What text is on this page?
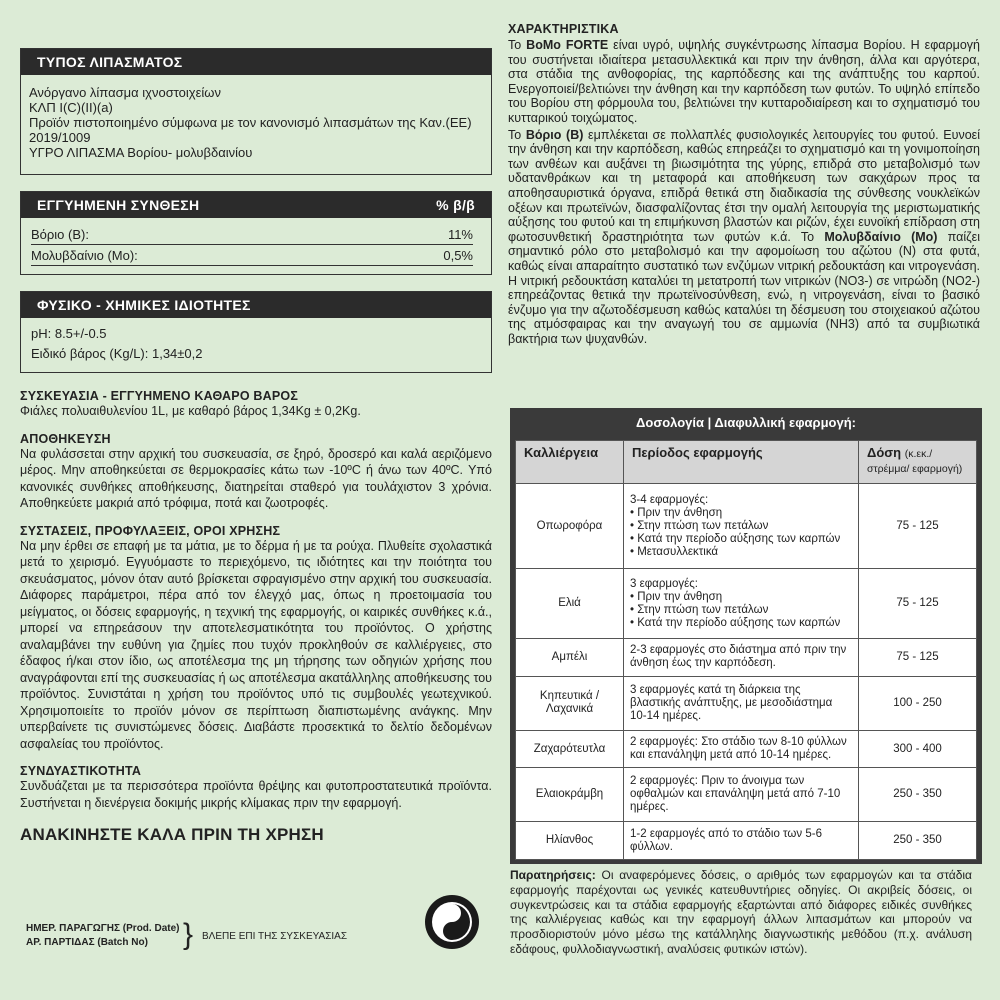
ΤΥΠΟΣ ΛΙΠΑΣΜΑΤΟΣ
Ανόργανο λίπασμα ιχνοστοιχείων
ΚΛΠ Ι(C)(II)(a)
Προϊόν πιστοποιημένο σύμφωνα με τον κανονισμό λιπασμάτων της Καν.(ΕΕ) 2019/1009
ΥΓΡΟ ΛΙΠΑΣΜΑ Βορίου- μολυβδαινίου
ΕΓΓΥΗΜΕΝΗ ΣΥΝΘΕΣΗ	% β/β
Βόριο (Β):	11%
Μολυβδαίνιο (Mo):	0,5%
ΦΥΣΙΚΟ - ΧΗΜΙΚΕΣ ΙΔΙΟΤΗΤΕΣ
pH: 8.5+/-0.5
Ειδικό βάρος (Kg/L): 1,34±0,2
ΣΥΣΚΕΥΑΣΙΑ - ΕΓΓΥΗΜΕΝΟ ΚΑΘΑΡΟ ΒΑΡΟΣ

Φιάλες πολυαιθυλενίου 1L, με καθαρό βάρος 1,34Kg ± 0,2Kg.

ΑΠΟΘΗΚΕΥΣΗ

Να φυλάσσεται στην αρχική του συσκευασία, σε ξηρό, δροσερό και καλά αεριζόμενο μέρος. Μην αποθηκεύεται σε θερμοκρασίες κάτω των -10ºC ή άνω των 40ºC. Υπό κανονικές συνθήκες αποθήκευσης, διατηρείται σταθερό για τουλάχιστον 3 χρόνια. Αποθηκεύετε μακριά από τρόφιμα, ποτά και ζωοτροφές.

ΣΥΣΤΑΣΕΙΣ, ΠΡΟΦΥΛΑΞΕΙΣ, ΟΡΟΙ ΧΡΗΣΗΣ

Να μην έρθει σε επαφή με τα μάτια, με το δέρμα ή με τα ρούχα. Πλυθείτε σχολαστικά μετά το χειρισμό. Εγγυόμαστε το περιεχόμενο, τις ιδιότητες και την ποιότητα του σκευάσματος, μόνον όταν αυτό βρίσκεται σφραγισμένο στην αρχική του συσκευασία. Διάφορες παράμετροι, πέρα από τον έλεγχό μας, όπως η προετοιμασία του μείγματος, οι δόσεις εφαρμογής, η τεχνική της εφαρμογής, οι καιρικές συνθήκες κ.ά., μπορεί να επηρεάσουν την αποτελεσματικότητα του προϊόντος. Ο χρήστης αναλαμβάνει την ευθύνη για ζημίες που τυχόν προκληθούν σε καλλιέργειες, στο έδαφος ή/και στον ίδιο, ως αποτέλεσμα της μη τήρησης των οδηγιών χρήσης που αναγράφονται επί της συσκευασίας ή ως αποτέλεσμα ακατάλληλης αποθήκευσης του προϊόντος. Συνιστάται η χρήση του προϊόντος υπό τις συμβουλές γεωτεχνικού. Χρησιμοποιείτε το προϊόν μόνον σε περίπτωση διαπιστωμένης ανάγκης. Μην υπερβαίνετε τις συνιστώμενες δόσεις. Διαβάστε προσεκτικά το δελτίο δεδομένων ασφαλείας του προϊόντος.

ΣΥΝΔΥΑΣΤΙΚΟΤΗΤΑ

Συνδυάζεται με τα περισσότερα προϊόντα θρέψης και φυτοπροστατευτικά προϊόντα. Συστήνεται η διενέργεια δοκιμής μικρής κλίμακας πριν την εφαρμογή.

ΑΝΑΚΙΝΗΣΤΕ ΚΑΛΑ ΠΡΙΝ ΤΗ ΧΡΗΣΗ
ΗΜΕΡ. ΠΑΡΑΓΩΓΗΣ (Prod. Date)
ΑΡ. ΠΑΡΤΙΔΑΣ (Batch No)	} ΒΛΕΠΕ ΕΠΙ ΤΗΣ ΣΥΣΚΕΥΑΣΙΑΣ
ΧΑΡΑΚΤΗΡΙΣΤΙΚΑ

Το BoMo FORTE είναι υγρό, υψηλής συγκέντρωσης λίπασμα Βορίου. Η εφαρμογή του συστήνεται ιδιαίτερα μετασυλλεκτικά και πριν την άνθηση, άλλα και αργότερα, στα στάδια της ανθοφορίας, της καρπόδεσης και της ανάπτυξης του καρπού. Ενεργοποιεί/βελτιώνει την άνθηση και την καρπόδεση των φυτών. Το υψηλό επίπεδο του Βορίου στη φόρμουλα του, βελτιώνει την κυτταροδιαίρεση και το σχηματισμό του κυτταρικού τοιχώματος.

Το Βόριο (Β) εμπλέκεται σε πολλαπλές φυσιολογικές λειτουργίες του φυτού. Ευνοεί την άνθηση και την καρπόδεση, καθώς επηρεάζει το σχηματισμό και τη γονιμοποίηση των ανθέων και αυξάνει τη βιωσιμότητα της γύρης, επιδρά στο μεταβολισμό των υδατανθράκων και τη μεταφορά και αποθήκευση των σακχάρων προς τα αποθησαυριστικά όργανα, επιδρά θετικά στη διαδικασία της σύνθεσης νουκλεϊκών οξέων και πρωτεϊνών, διασφαλίζοντας έτσι την ομαλή λειτουργία της μεριστωματικής αύξησης του φυτού και τη επιμήκυνση βλαστών και ριζών, έχει ευνοϊκή επίδραση στη φωτοσυνθετική δραστηριότητα των φυτών κ.ά. Το Μολυβδαίνιο (Mo) παίζει σημαντικό ρόλο στο μεταβολισμό και την αφομοίωση του αζώτου (N) στα φυτά, καθώς είναι απαραίτητο συστατικό των ενζύμων νιτρική ρεδουκτάση και νιτρογενάση. Η νιτρική ρεδουκτάση καταλύει τη μετατροπή των νιτρικών (NO3-) σε νιτρώδη (NO2-) επηρεάζοντας θετικά την πρωτεϊνοσύνθεση, ενώ, η νιτρογενάση, είναι το βασικό ένζυμο για την αζωτοδέσμευση καθώς καταλύει τη δέσμευση του στοιχειακού αζώτου της ατμόσφαιρας και την αναγωγή του σε αμμωνία (NH3) από τα συμβιωτικά βακτήρια των ψυχανθών.

Δοσολογία | Διαφυλλική εφαρμογή:
Καλλιέργεια	Περίοδος εφαρμογής	Δόση (κ.εκ./ στρέμμα/ εφαρμογή)
Οπωροφόρα	3-4 εφαρμογές:
• Πριν την άνθηση
• Στην πτώση των πετάλων
• Κατά την περίοδο αύξησης των καρπών
• Μετασυλλεκτικά	75 - 125
Ελιά	3 εφαρμογές:
• Πριν την άνθηση
• Στην πτώση των πετάλων
• Κατά την περίοδο αύξησης των καρπών	75 - 125
Αμπέλι	2-3 εφαρμογές στο διάστημα από πριν την άνθηση έως την καρπόδεση.	75 - 125
Κηπευτικά / Λαχανικά	3 εφαρμογές κατά τη διάρκεια της βλαστικής ανάπτυξης, με μεσοδιάστημα 10-14 ημέρες.	100 - 250
Ζαχαρότευτλα	2 εφαρμογές: Στο στάδιο των 8-10 φύλλων και επανάληψη μετά από 10-14 ημέρες.	300 - 400
Ελαιοκράμβη	2 εφαρμογές: Πριν το άνοιγμα των οφθαλμών και επανάληψη μετά από 7-10 ημέρες.	250 - 350
Ηλίανθος	1-2 εφαρμογές από το στάδιο των 5-6 φύλλων.	250 - 350
Παρατηρήσεις: Οι αναφερόμενες δόσεις, ο αριθμός των εφαρμογών και τα στάδια εφαρμογής παρέχονται ως γενικές κατευθυντήριες οδηγίες. Οι ακριβείς δόσεις, οι συγκεντρώσεις και τα στάδια εφαρμογής εξαρτώνται από διάφορες ειδικές συνθήκες της καλλιέργειας καθώς και την εφαρμογή άλλων λιπασμάτων και μπορούν να προσδιοριστούν μόνο μέσω της κατάλληλης διαγνωστικής μεθόδου (π.χ. ανάλυση εδάφους, φυλλοδιαγνωστική, αναλύσεις φυτικών ιστών).
